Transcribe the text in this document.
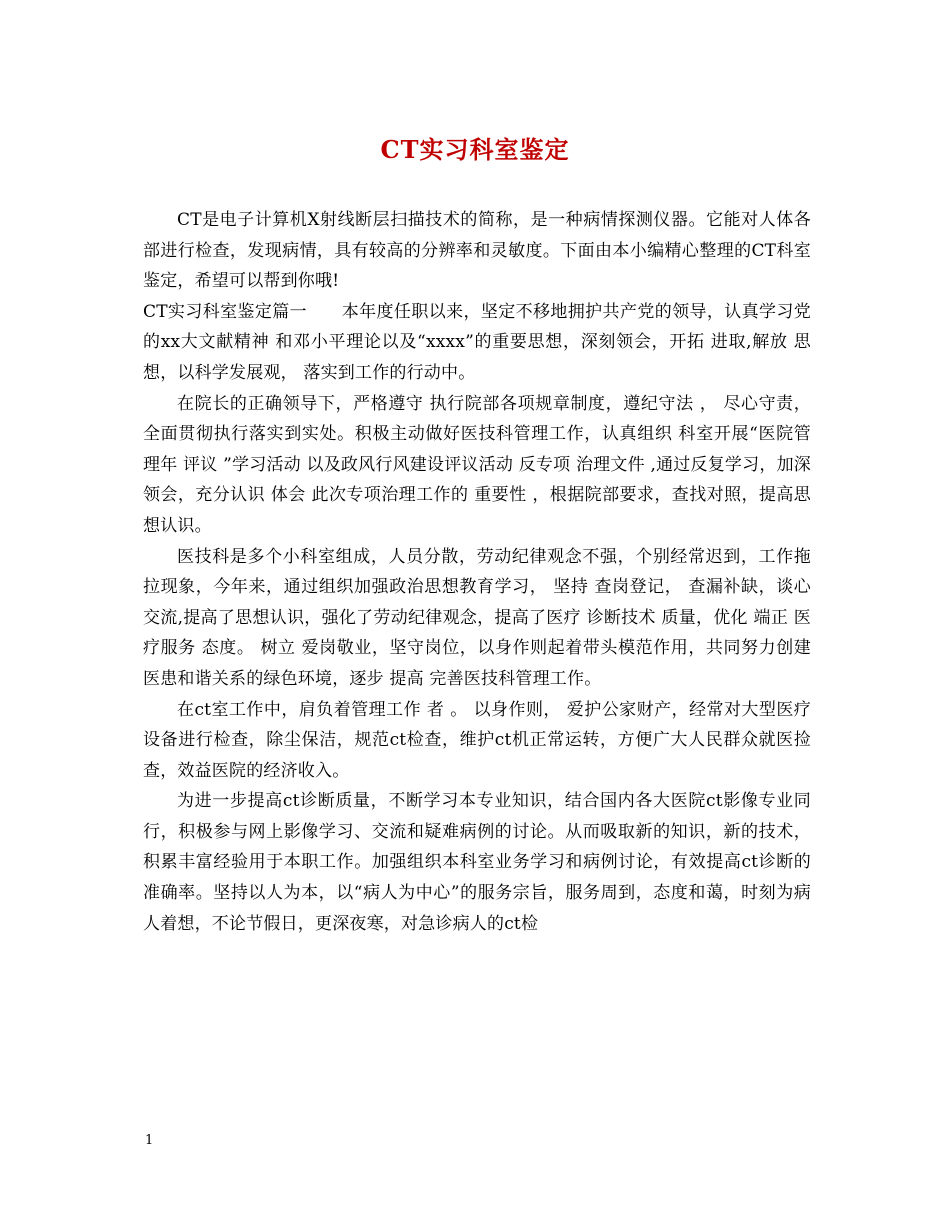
CT实习科室鉴定

CT是电子计算机X射线断层扫描技术的简称，是一种病情探测仪器。它能对人体各部进行检查，发现病情，具有较高的分辨率和灵敏度。下面由本小编精心整理的CT科室鉴定，希望可以帮到你哦!

CT实习科室鉴定篇一　　本年度任职以来，坚定不移地拥护共产党的领导，认真学习党的xx大文献精神 和邓小平理论以及“xxxx”的重要思想，深刻领会，开拓 进取,解放 思想，以科学发展观， 落实到工作的行动中。

在院长的正确领导下，严格遵守 执行院部各项规章制度，遵纪守法 ， 尽心守责，全面贯彻执行落实到实处。积极主动做好医技科管理工作，认真组织 科室开展“医院管理年 评议 ”学习活动 以及政风行风建设评议活动 反专项 治理文件 ,通过反复学习，加深领会，充分认识 体会 此次专项治理工作的 重要性 ，根据院部要求，查找对照，提高思想认识。

医技科是多个小科室组成，人员分散，劳动纪律观念不强，个别经常迟到，工作拖拉现象，今年来，通过组织加强政治思想教育学习， 坚持 查岗登记， 查漏补缺，谈心交流,提高了思想认识，强化了劳动纪律观念，提高了医疗 诊断技术 质量，优化 端正 医疗服务 态度。 树立 爱岗敬业，坚守岗位，以身作则起着带头模范作用，共同努力创建医患和谐关系的绿色环境，逐步 提高 完善医技科管理工作。

在ct室工作中，肩负着管理工作 者 。 以身作则， 爱护公家财产，经常对大型医疗设备进行检查，除尘保洁，规范ct检查，维护ct机正常运转，方便广大人民群众就医捡查，效益医院的经济收入。

为进一步提高ct诊断质量，不断学习本专业知识，结合国内各大医院ct影像专业同行，积极参与网上影像学习、交流和疑难病例的讨论。从而吸取新的知识，新的技术，积累丰富经验用于本职工作。加强组织本科室业务学习和病例讨论，有效提高ct诊断的准确率。坚持以人为本，以“病人为中心”的服务宗旨，服务周到，态度和蔼，时刻为病人着想，不论节假日，更深夜寒，对急诊病人的ct检

1
